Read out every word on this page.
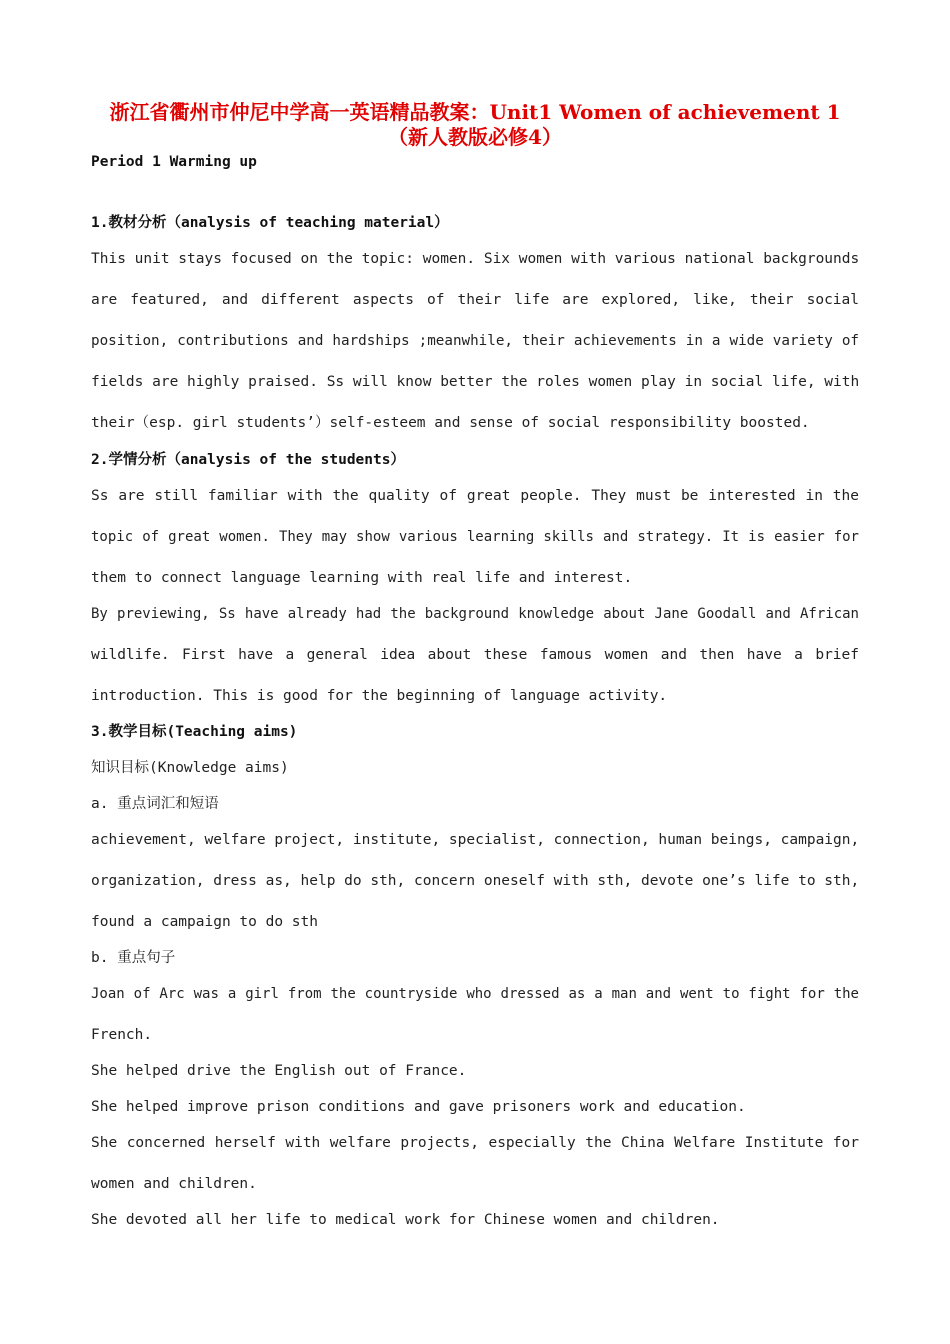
浙江省衢州市仲尼中学高一英语精品教案：Unit1 Women of achievement 1
（新人教版必修4）
Period 1 Warming up
1.教材分析（analysis of teaching material）
This unit stays focused on the topic: women. Six women with various national backgrounds
are featured, and different aspects of their life are explored, like, their social
position, contributions and hardships ;meanwhile, their achievements in a wide variety of
fields are highly praised. Ss will know better the roles women play in social life, with
their（esp. girl students’）self-esteem and sense of social responsibility boosted.
2.学情分析（analysis of the students）
Ss are still familiar with the quality of great people. They must be interested in the
topic of great women. They may show various learning skills and strategy. It is easier for
them to connect language learning with real life and interest.
By previewing, Ss have already had the background knowledge about Jane Goodall and African
wildlife. First have a general idea about these famous women and then have a brief
introduction. This is good for the beginning of language activity.
3.教学目标(Teaching aims)
知识目标(Knowledge aims)
a. 重点词汇和短语
achievement, welfare project, institute, specialist, connection, human beings, campaign,
organization, dress as, help do sth, concern oneself with sth, devote one’s life to sth,
found a campaign to do sth
b. 重点句子
Joan of Arc was a girl from the countryside who dressed as a man and went to fight for the
French.
She helped drive the English out of France.
She helped improve prison conditions and gave prisoners work and education.
She concerned herself with welfare projects, especially the China Welfare Institute for
women and children.
She devoted all her life to medical work for Chinese women and children.
